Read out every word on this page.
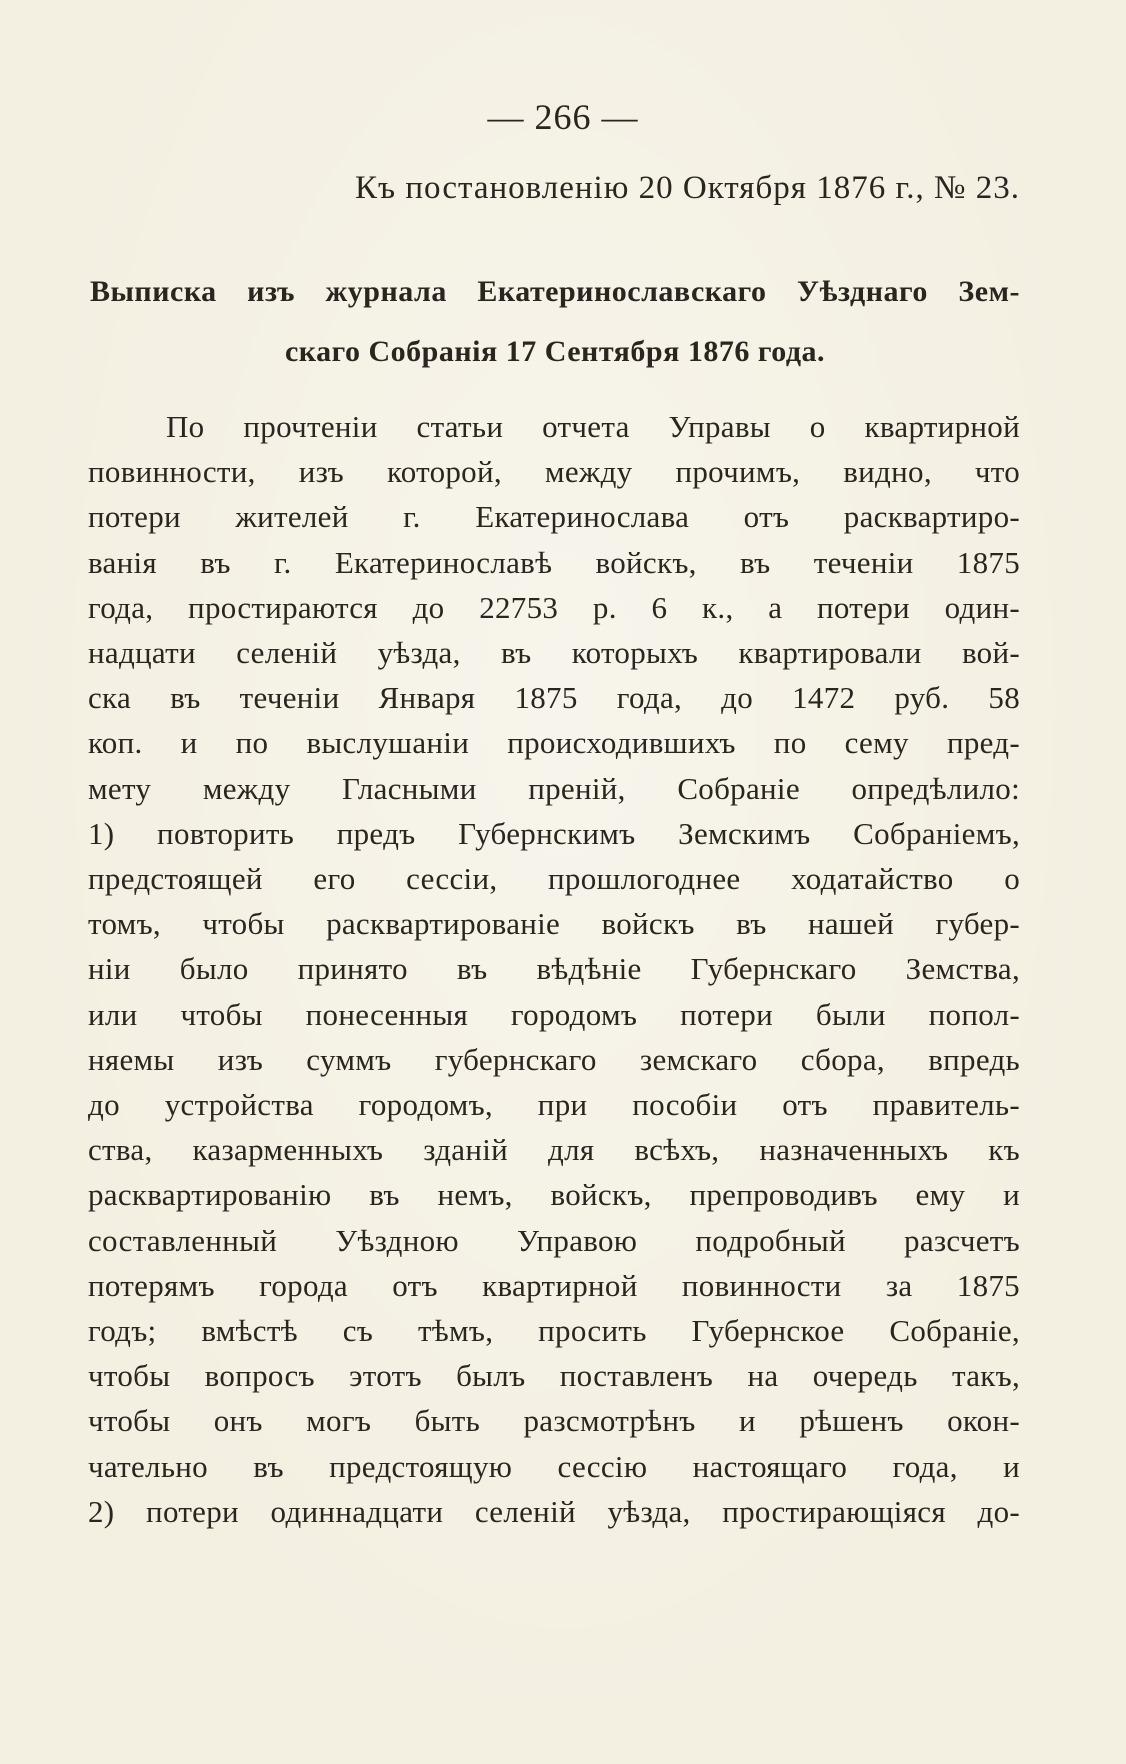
— 266 —
Къ постановленію 20 Октября 1876 г., № 23.
Выписка изъ журнала Екатеринославскаго Уѣзднаго Зем-
скаго Собранія 17 Сентября 1876 года.
По прочтеніи статьи отчета Управы о квартирной
повинности, изъ которой, между прочимъ, видно, что
потери жителей г. Екатеринослава отъ расквартиро-
ванія въ г. Екатеринославѣ войскъ, въ теченіи 1875
года, простираются до 22753 р. 6 к., а потери один-
надцати селеній уѣзда, въ которыхъ квартировали вой-
ска въ теченіи Января 1875 года, до 1472 руб. 58
коп. и по выслушаніи происходившихъ по сему пред-
мету между Гласными преній, Собраніе опредѣлило:
1) повторить предъ Губернскимъ Земскимъ Собраніемъ,
предстоящей его сессіи, прошлогоднее ходатайство о
томъ, чтобы расквартированіе войскъ въ нашей губер-
ніи было принято въ вѣдѣніе Губернскаго Земства,
или чтобы понесенныя городомъ потери были попол-
няемы изъ суммъ губернскаго земскаго сбора, впредь
до устройства городомъ, при пособіи отъ правитель-
ства, казарменныхъ зданій для всѣхъ, назначенныхъ къ
расквартированію въ немъ, войскъ, препроводивъ ему и
составленный Уѣздною Управою подробный разсчетъ
потерямъ города отъ квартирной повинности за 1875
годъ; вмѣстѣ съ тѣмъ, просить Губернское Собраніе,
чтобы вопросъ этотъ былъ поставленъ на очередь такъ,
чтобы онъ могъ быть разсмотрѣнъ и рѣшенъ окон-
чательно въ предстоящую сессію настоящаго года, и
2) потери одиннадцати селеній уѣзда, простирающіяся до-
